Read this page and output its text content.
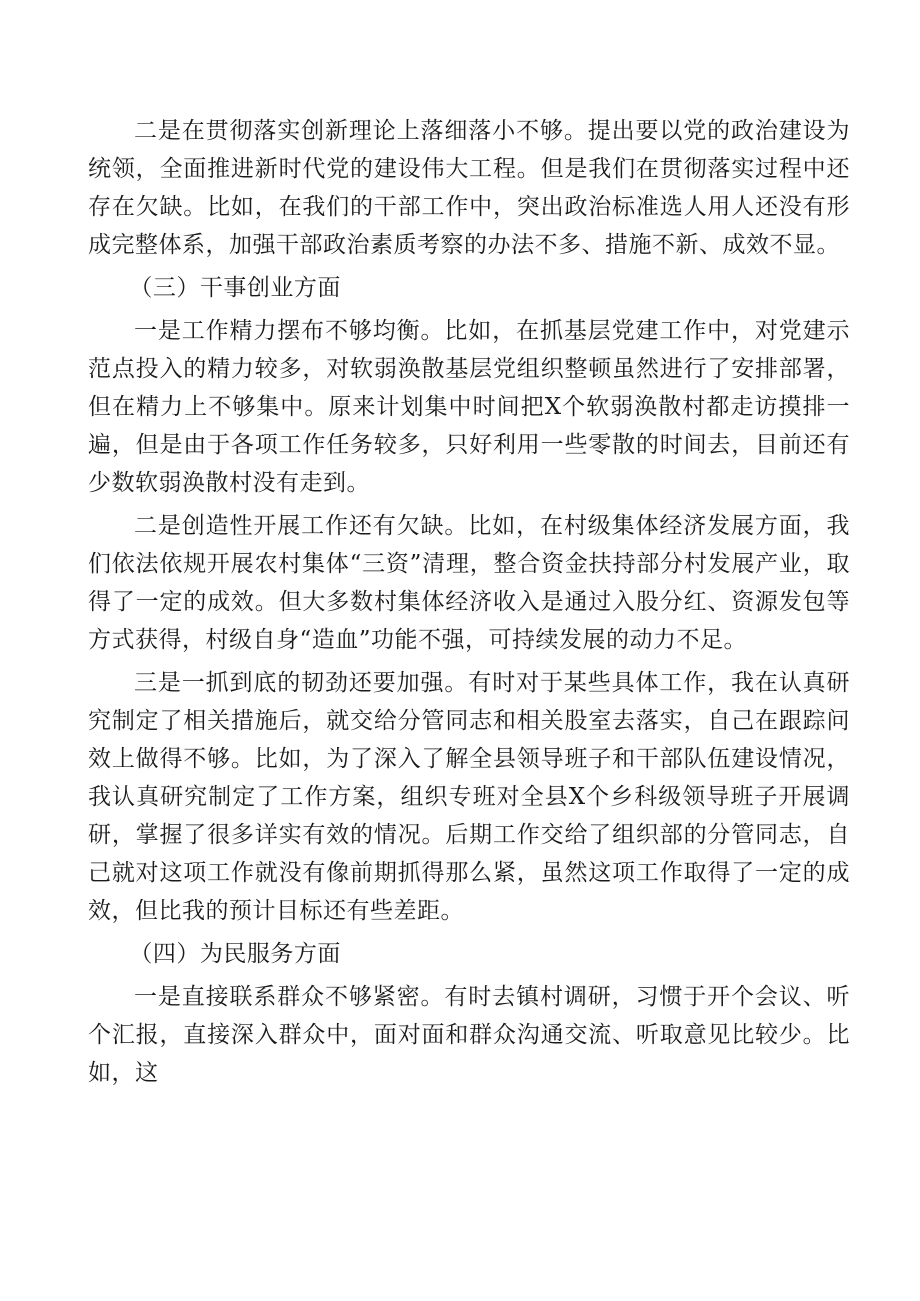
二是在贯彻落实创新理论上落细落小不够。提出要以党的政治建设为统领，全面推进新时代党的建设伟大工程。但是我们在贯彻落实过程中还存在欠缺。比如，在我们的干部工作中，突出政治标准选人用人还没有形成完整体系，加强干部政治素质考察的办法不多、措施不新、成效不显。

（三）干事创业方面

一是工作精力摆布不够均衡。比如，在抓基层党建工作中，对党建示范点投入的精力较多，对软弱涣散基层党组织整顿虽然进行了安排部署，但在精力上不够集中。原来计划集中时间把X个软弱涣散村都走访摸排一遍，但是由于各项工作任务较多，只好利用一些零散的时间去，目前还有少数软弱涣散村没有走到。

二是创造性开展工作还有欠缺。比如，在村级集体经济发展方面，我们依法依规开展农村集体“三资”清理，整合资金扶持部分村发展产业，取得了一定的成效。但大多数村集体经济收入是通过入股分红、资源发包等方式获得，村级自身“造血”功能不强，可持续发展的动力不足。

三是一抓到底的韧劲还要加强。有时对于某些具体工作，我在认真研究制定了相关措施后，就交给分管同志和相关股室去落实，自己在跟踪问效上做得不够。比如，为了深入了解全县领导班子和干部队伍建设情况，我认真研究制定了工作方案，组织专班对全县X个乡科级领导班子开展调研，掌握了很多详实有效的情况。后期工作交给了组织部的分管同志，自己就对这项工作就没有像前期抓得那么紧，虽然这项工作取得了一定的成效，但比我的预计目标还有些差距。

（四）为民服务方面

一是直接联系群众不够紧密。有时去镇村调研，习惯于开个会议、听个汇报，直接深入群众中，面对面和群众沟通交流、听取意见比较少。比如，这
